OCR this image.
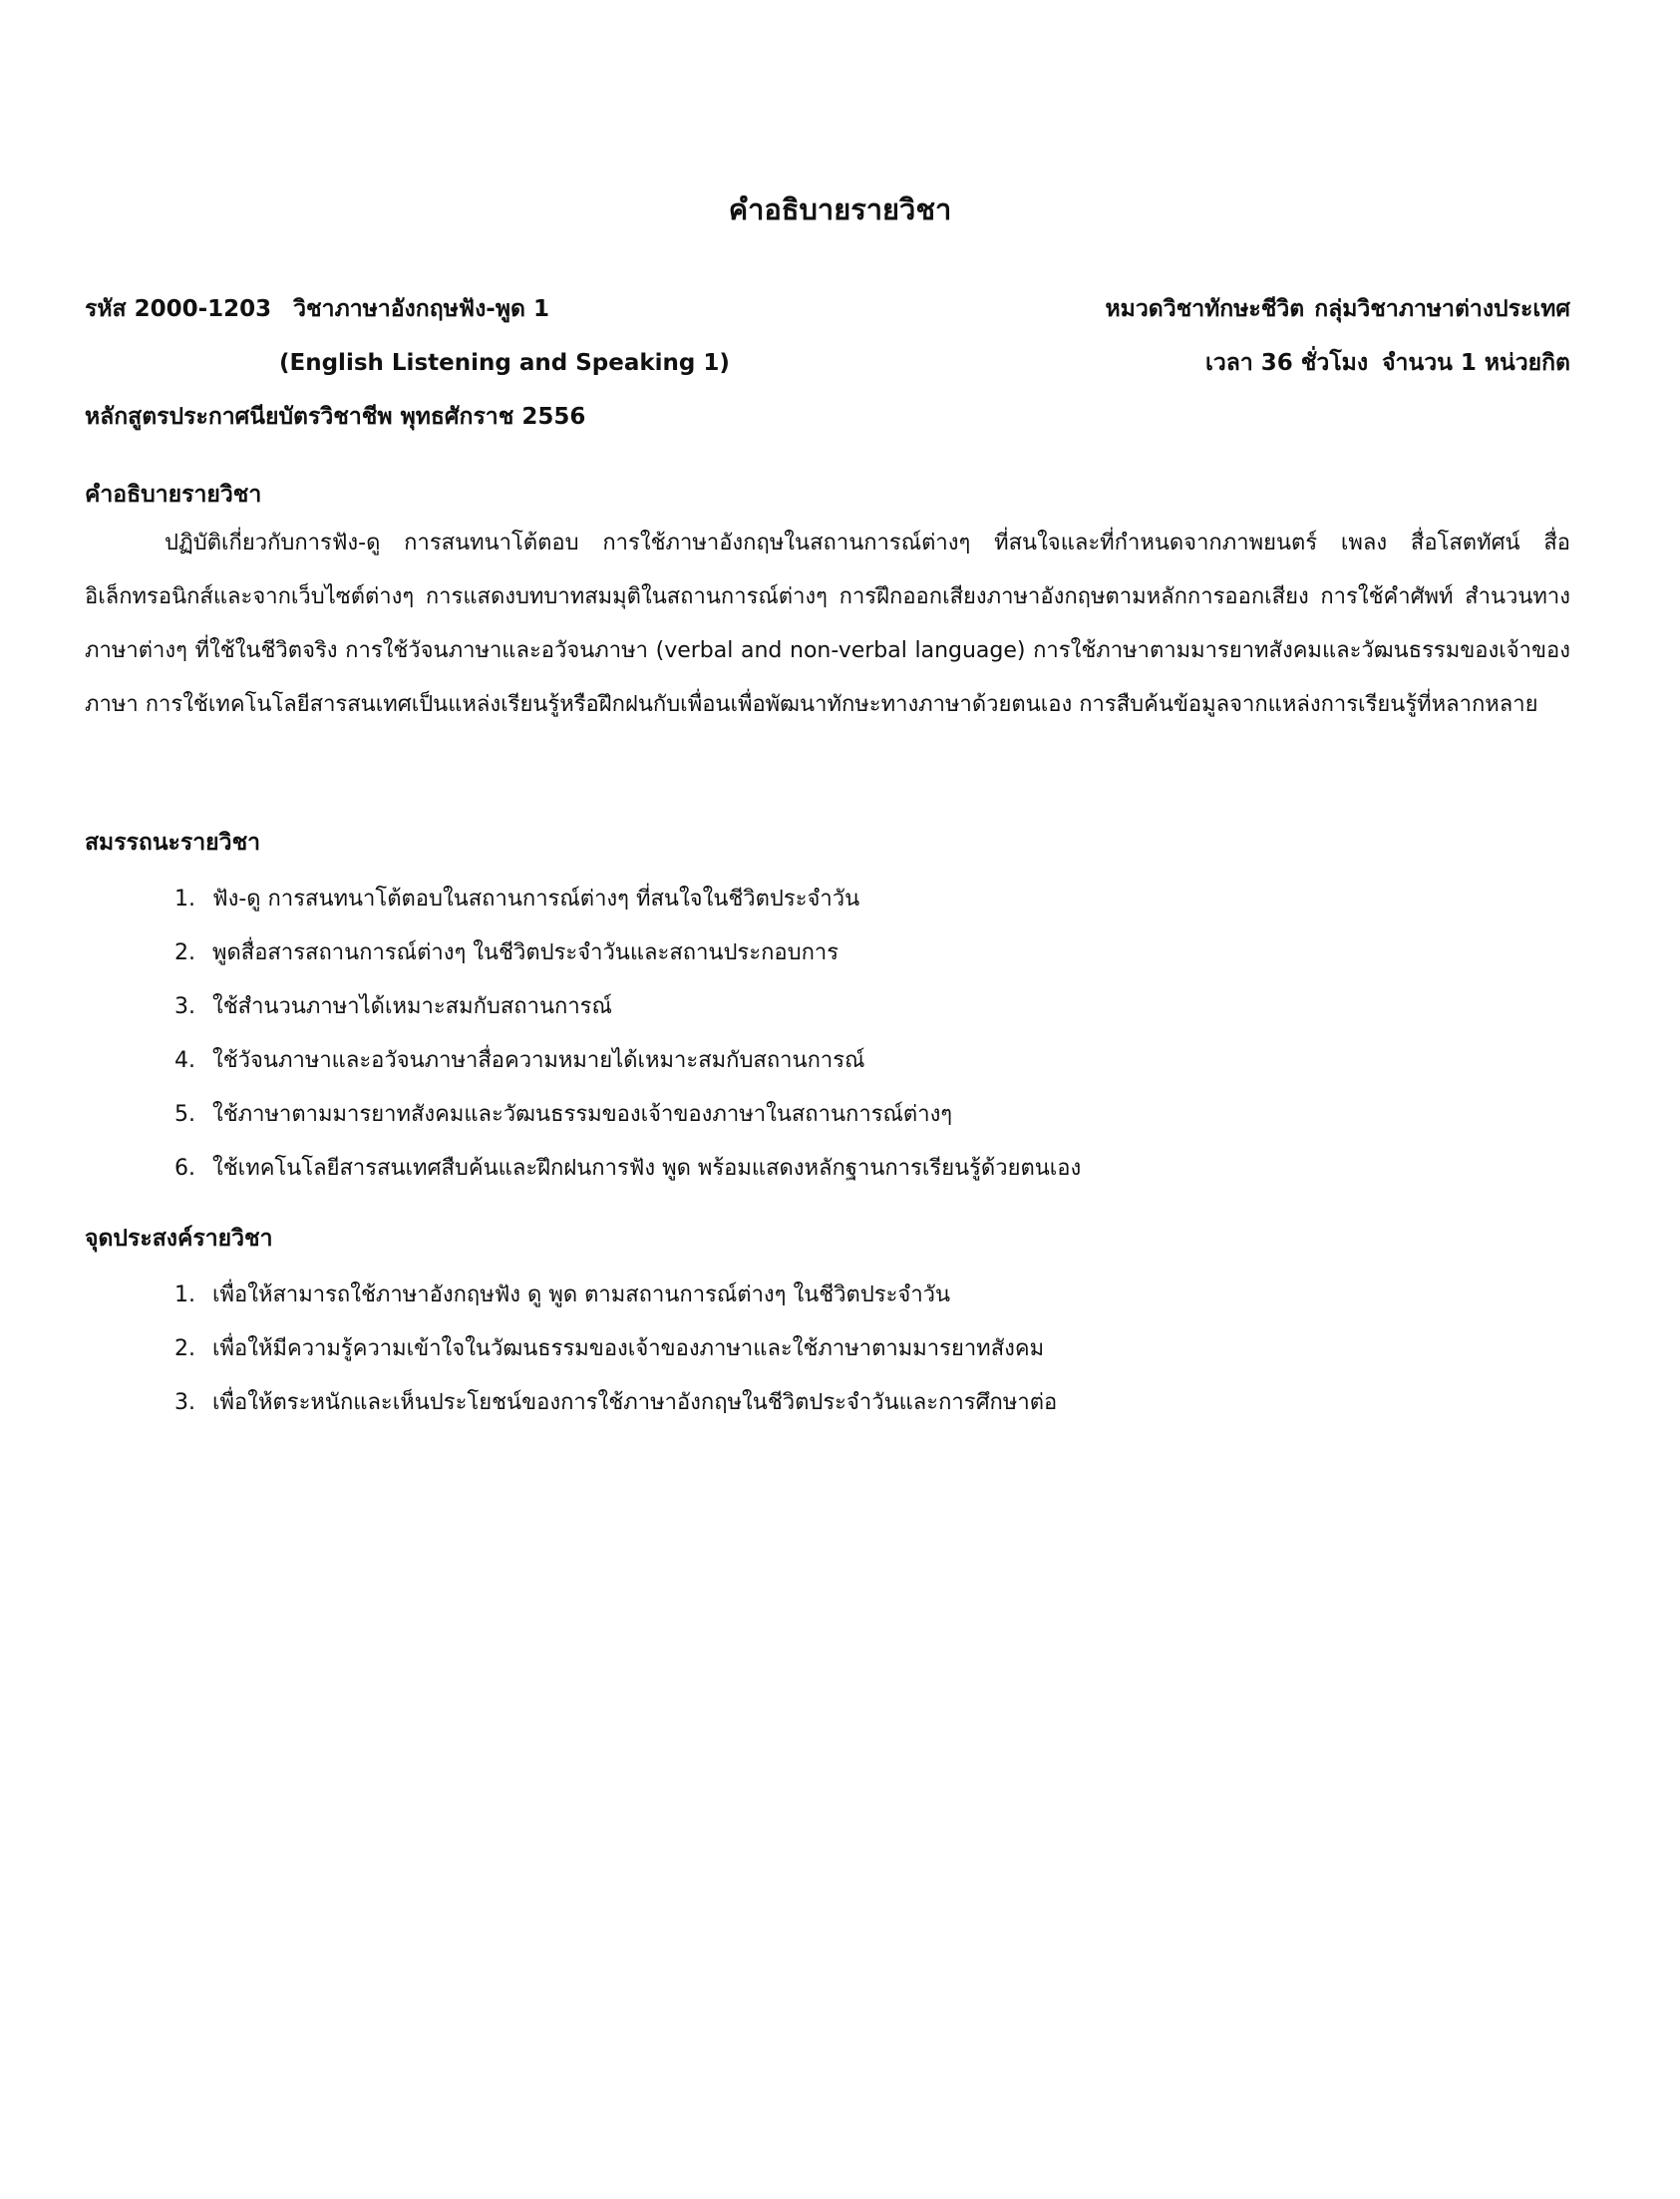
คำอธิบายรายวิชา
รหัส 2000-1203 วิชาภาษาอังกฤษฟัง-พูด 1	หมวดวิชาทักษะชีวิต กลุ่มวิชาภาษาต่างประเทศ
(English Listening and Speaking 1)	เวลา 36 ชั่วโมง จำนวน 1 หน่วยกิต
หลักสูตรประกาศนียบัตรวิชาชีพ พุทธศักราช 2556
คำอธิบายรายวิชา

ปฏิบัติเกี่ยวกับการฟัง-ดู การสนทนาโต้ตอบ การใช้ภาษาอังกฤษในสถานการณ์ต่างๆ ที่สนใจและที่กำหนดจากภาพยนตร์ เพลง สื่อโสตทัศน์ สื่ออิเล็กทรอนิกส์และจากเว็บไซต์ต่างๆ การแสดงบทบาทสมมุติในสถานการณ์ต่างๆ การฝึกออกเสียงภาษาอังกฤษตามหลักการออกเสียง การใช้คำศัพท์ สำนวนทางภาษาต่างๆ ที่ใช้ในชีวิตจริง การใช้วัจนภาษาและอวัจนภาษา (verbal and non-verbal language) การใช้ภาษาตามมารยาทสังคมและวัฒนธรรมของเจ้าของภาษา การใช้เทคโนโลยีสารสนเทศเป็นแหล่งเรียนรู้หรือฝึกฝนกับเพื่อนเพื่อพัฒนาทักษะทางภาษาด้วยตนเอง การสืบค้นข้อมูลจากแหล่งการเรียนรู้ที่หลากหลาย

สมรรถนะรายวิชา
1. ฟัง-ดู การสนทนาโต้ตอบในสถานการณ์ต่างๆ ที่สนใจในชีวิตประจำวัน
2. พูดสื่อสารสถานการณ์ต่างๆ ในชีวิตประจำวันและสถานประกอบการ
3. ใช้สำนวนภาษาได้เหมาะสมกับสถานการณ์
4. ใช้วัจนภาษาและอวัจนภาษาสื่อความหมายได้เหมาะสมกับสถานการณ์
5. ใช้ภาษาตามมารยาทสังคมและวัฒนธรรมของเจ้าของภาษาในสถานการณ์ต่างๆ
6. ใช้เทคโนโลยีสารสนเทศสืบค้นและฝึกฝนการฟัง พูด พร้อมแสดงหลักฐานการเรียนรู้ด้วยตนเอง
จุดประสงค์รายวิชา
1. เพื่อให้สามารถใช้ภาษาอังกฤษฟัง ดู พูด ตามสถานการณ์ต่างๆ ในชีวิตประจำวัน
2. เพื่อให้มีความรู้ความเข้าใจในวัฒนธรรมของเจ้าของภาษาและใช้ภาษาตามมารยาทสังคม
3. เพื่อให้ตระหนักและเห็นประโยชน์ของการใช้ภาษาอังกฤษในชีวิตประจำวันและการศึกษาต่อ
